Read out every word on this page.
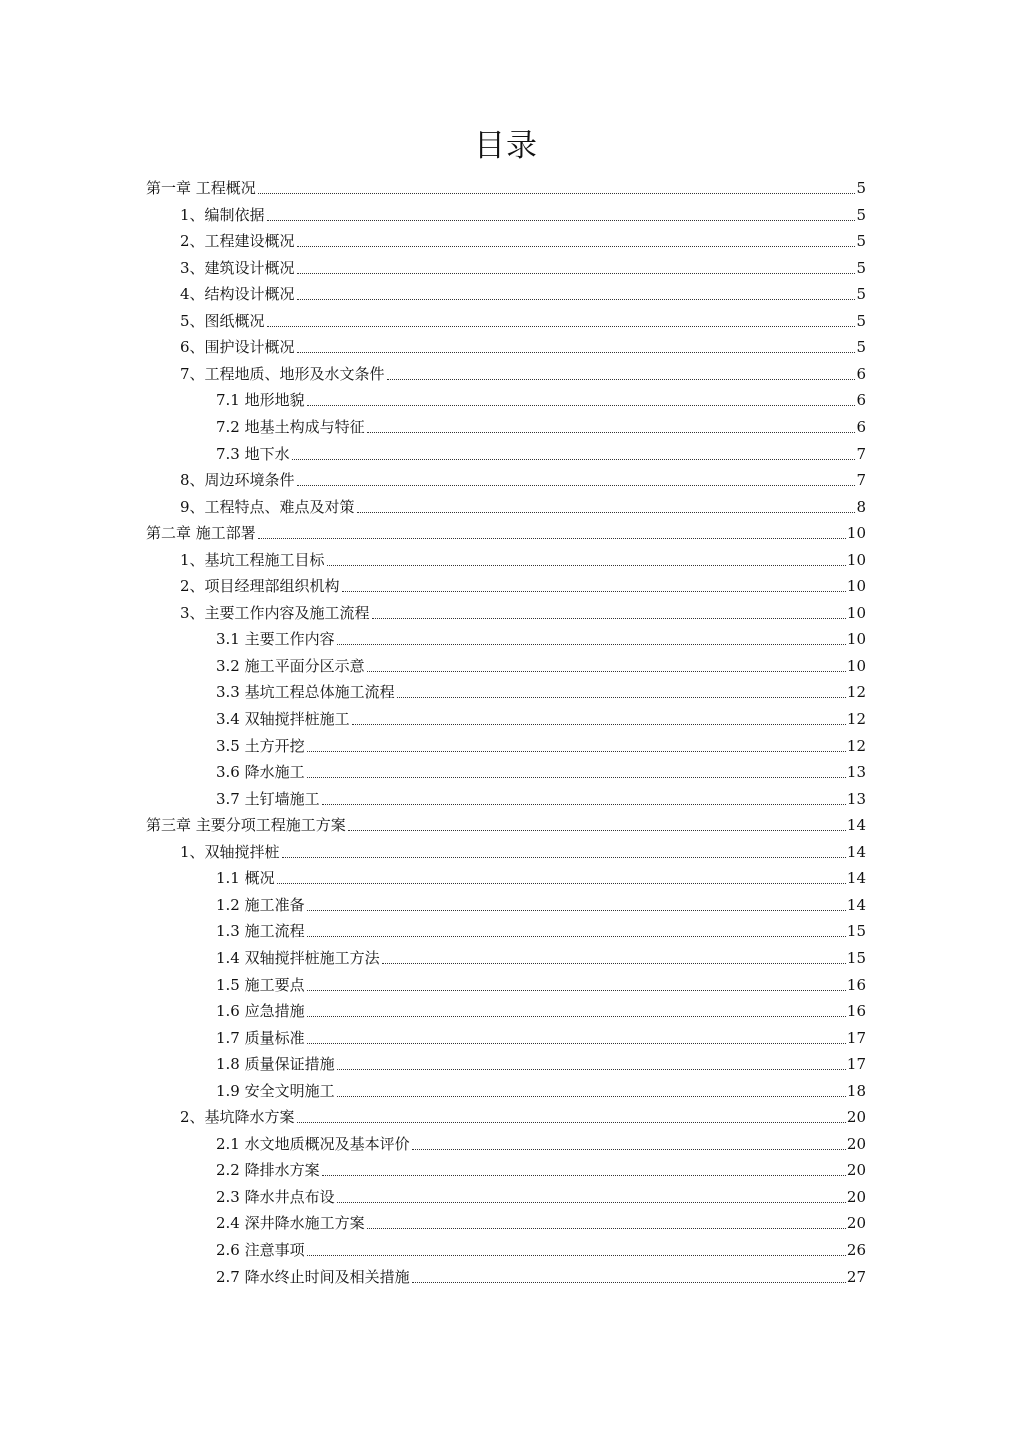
目录
第一章 工程概况	5
1、编制依据	5
2、工程建设概况	5
3、建筑设计概况	5
4、结构设计概况	5
5、图纸概况	5
6、围护设计概况	5
7、工程地质、地形及水文条件	6
7.1 地形地貌	6
7.2 地基土构成与特征	6
7.3 地下水	7
8、周边环境条件	7
9、工程特点、难点及对策	8
第二章 施工部署	10
1、基坑工程施工目标	10
2、项目经理部组织机构	10
3、主要工作内容及施工流程	10
3.1 主要工作内容	10
3.2 施工平面分区示意	10
3.3 基坑工程总体施工流程	12
3.4 双轴搅拌桩施工	12
3.5 土方开挖	12
3.6 降水施工	13
3.7 土钉墙施工	13
第三章 主要分项工程施工方案	14
1、双轴搅拌桩	14
1.1 概况	14
1.2 施工准备	14
1.3 施工流程	15
1.4 双轴搅拌桩施工方法	15
1.5 施工要点	16
1.6 应急措施	16
1.7 质量标准	17
1.8 质量保证措施	17
1.9 安全文明施工	18
2、基坑降水方案	20
2.1 水文地质概况及基本评价	20
2.2 降排水方案	20
2.3 降水井点布设	20
2.4 深井降水施工方案	20
2.6 注意事项	26
2.7 降水终止时间及相关措施	27
